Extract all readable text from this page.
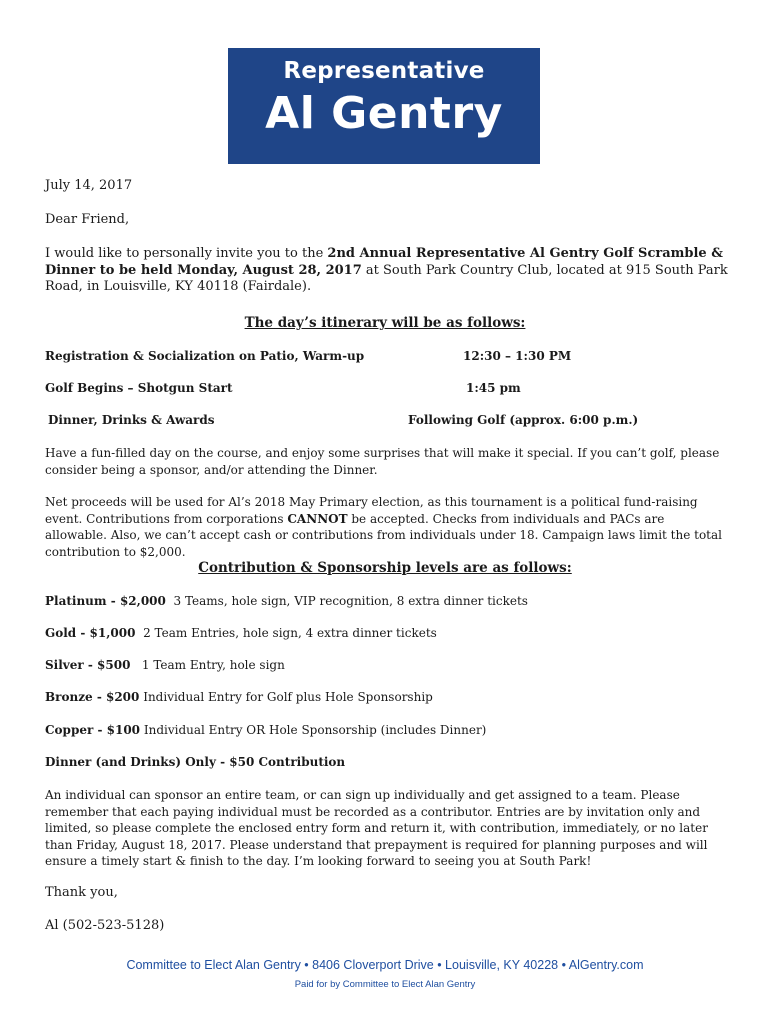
Representative
Al Gentry
July 14, 2017
Dear Friend,
I would like to personally invite you to the 2nd Annual Representative Al Gentry Golf Scramble & Dinner to be held Monday, August 28, 2017 at South Park Country Club, located at 915 South Park Road, in Louisville, KY 40118 (Fairdale).
The day’s itinerary will be as follows:
Registration & Socialization on Patio, Warm-up	12:30 – 1:30 PM
Golf Begins – Shotgun Start	1:45 pm
Dinner, Drinks & Awards	Following Golf (approx. 6:00 p.m.)
Have a fun-filled day on the course, and enjoy some surprises that will make it special. If you can’t golf, please consider being a sponsor, and/or attending the Dinner.
Net proceeds will be used for Al’s 2018 May Primary election, as this tournament is a political fund-raising event. Contributions from corporations CANNOT be accepted. Checks from individuals and PACs are allowable. Also, we can’t accept cash or contributions from individuals under 18. Campaign laws limit the total contribution to $2,000.
Contribution & Sponsorship levels are as follows:
Platinum - $2,000  3 Teams, hole sign, VIP recognition, 8 extra dinner tickets
Gold - $1,000  2 Team Entries, hole sign, 4 extra dinner tickets
Silver - $500   1 Team Entry, hole sign
Bronze - $200 Individual Entry for Golf plus Hole Sponsorship
Copper - $100 Individual Entry OR Hole Sponsorship (includes Dinner)
Dinner (and Drinks) Only - $50 Contribution
An individual can sponsor an entire team, or can sign up individually and get assigned to a team. Please remember that each paying individual must be recorded as a contributor. Entries are by invitation only and limited, so please complete the enclosed entry form and return it, with contribution, immediately, or no later than Friday, August 18, 2017. Please understand that prepayment is required for planning purposes and will ensure a timely start & finish to the day. I’m looking forward to seeing you at South Park!
Thank you,
Al (502-523-5128)
Committee to Elect Alan Gentry • 8406 Cloverport Drive • Louisville, KY 40228 • AlGentry.com
Paid for by Committee to Elect Alan Gentry
